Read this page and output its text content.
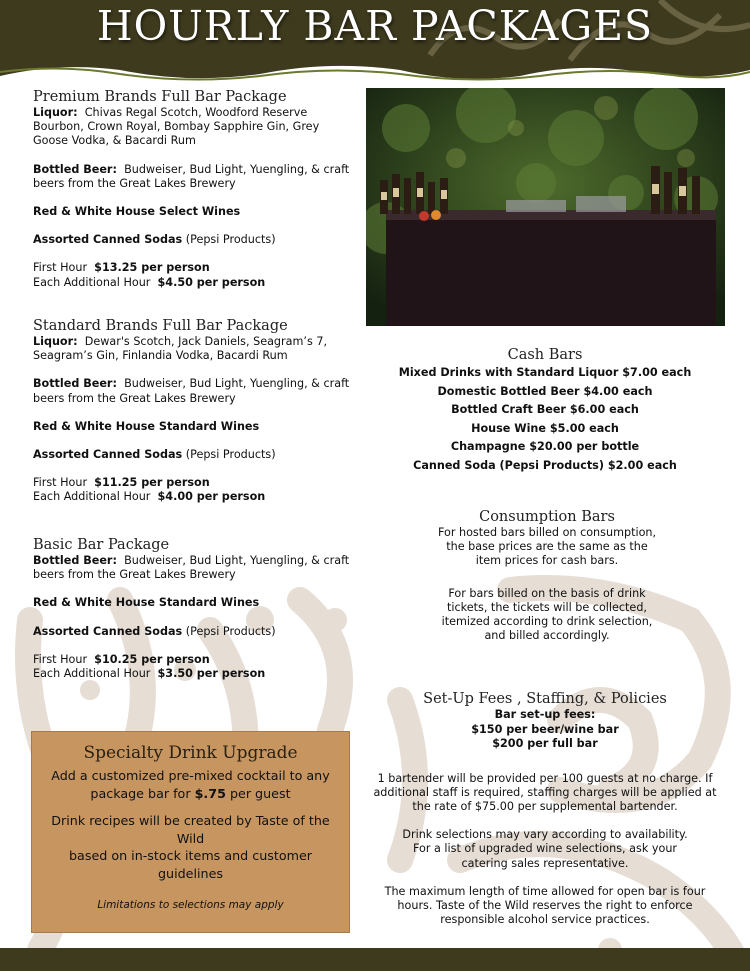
HOURLY BAR PACKAGES
Premium Brands Full Bar Package

Liquor: Chivas Regal Scotch, Woodford Reserve Bourbon, Crown Royal, Bombay Sapphire Gin, Grey Goose Vodka, & Bacardi Rum

Bottled Beer: Budweiser, Bud Light, Yuengling, & craft beers from the Great Lakes Brewery

Red & White House Select Wines

Assorted Canned Sodas (Pepsi Products)

First Hour $13.25 per person
Each Additional Hour $4.50 per person

Standard Brands Full Bar Package

Liquor: Dewar's Scotch, Jack Daniels, Seagram’s 7, Seagram’s Gin, Finlandia Vodka, Bacardi Rum

Bottled Beer: Budweiser, Bud Light, Yuengling, & craft beers from the Great Lakes Brewery

Red & White House Standard Wines

Assorted Canned Sodas (Pepsi Products)

First Hour $11.25 per person
Each Additional Hour $4.00 per person

Basic Bar Package

Bottled Beer: Budweiser, Bud Light, Yuengling, & craft beers from the Great Lakes Brewery

Red & White House Standard Wines

Assorted Canned Sodas (Pepsi Products)

First Hour $10.25 per person
Each Additional Hour $3.50 per person

Cash Bars
Mixed Drinks with Standard Liquor $7.00 each
Domestic Bottled Beer $4.00 each
Bottled Craft Beer $6.00 each
House Wine $5.00 each
Champagne $20.00 per bottle
Canned Soda (Pepsi Products) $2.00 each
Consumption Bars

For hosted bars billed on consumption, the base prices are the same as the item prices for cash bars.

For bars billed on the basis of drink tickets, the tickets will be collected, itemized according to drink selection, and billed accordingly.

Set-Up Fees , Staffing, & Policies
Bar set-up fees:
$150 per beer/wine bar
$200 per full bar

1 bartender will be provided per 100 guests at no charge. If additional staff is required, staffing charges will be applied at the rate of $75.00 per supplemental bartender.

Drink selections may vary according to availability. For a list of upgraded wine selections, ask your catering sales representative.

The maximum length of time allowed for open bar is four hours. Taste of the Wild reserves the right to enforce responsible alcohol service practices.

Specialty Drink Upgrade

Add a customized pre-mixed cocktail to any package bar for $.75 per guest

Drink recipes will be created by Taste of the Wild

based on in-stock items and customer guidelines

Limitations to selections may apply
